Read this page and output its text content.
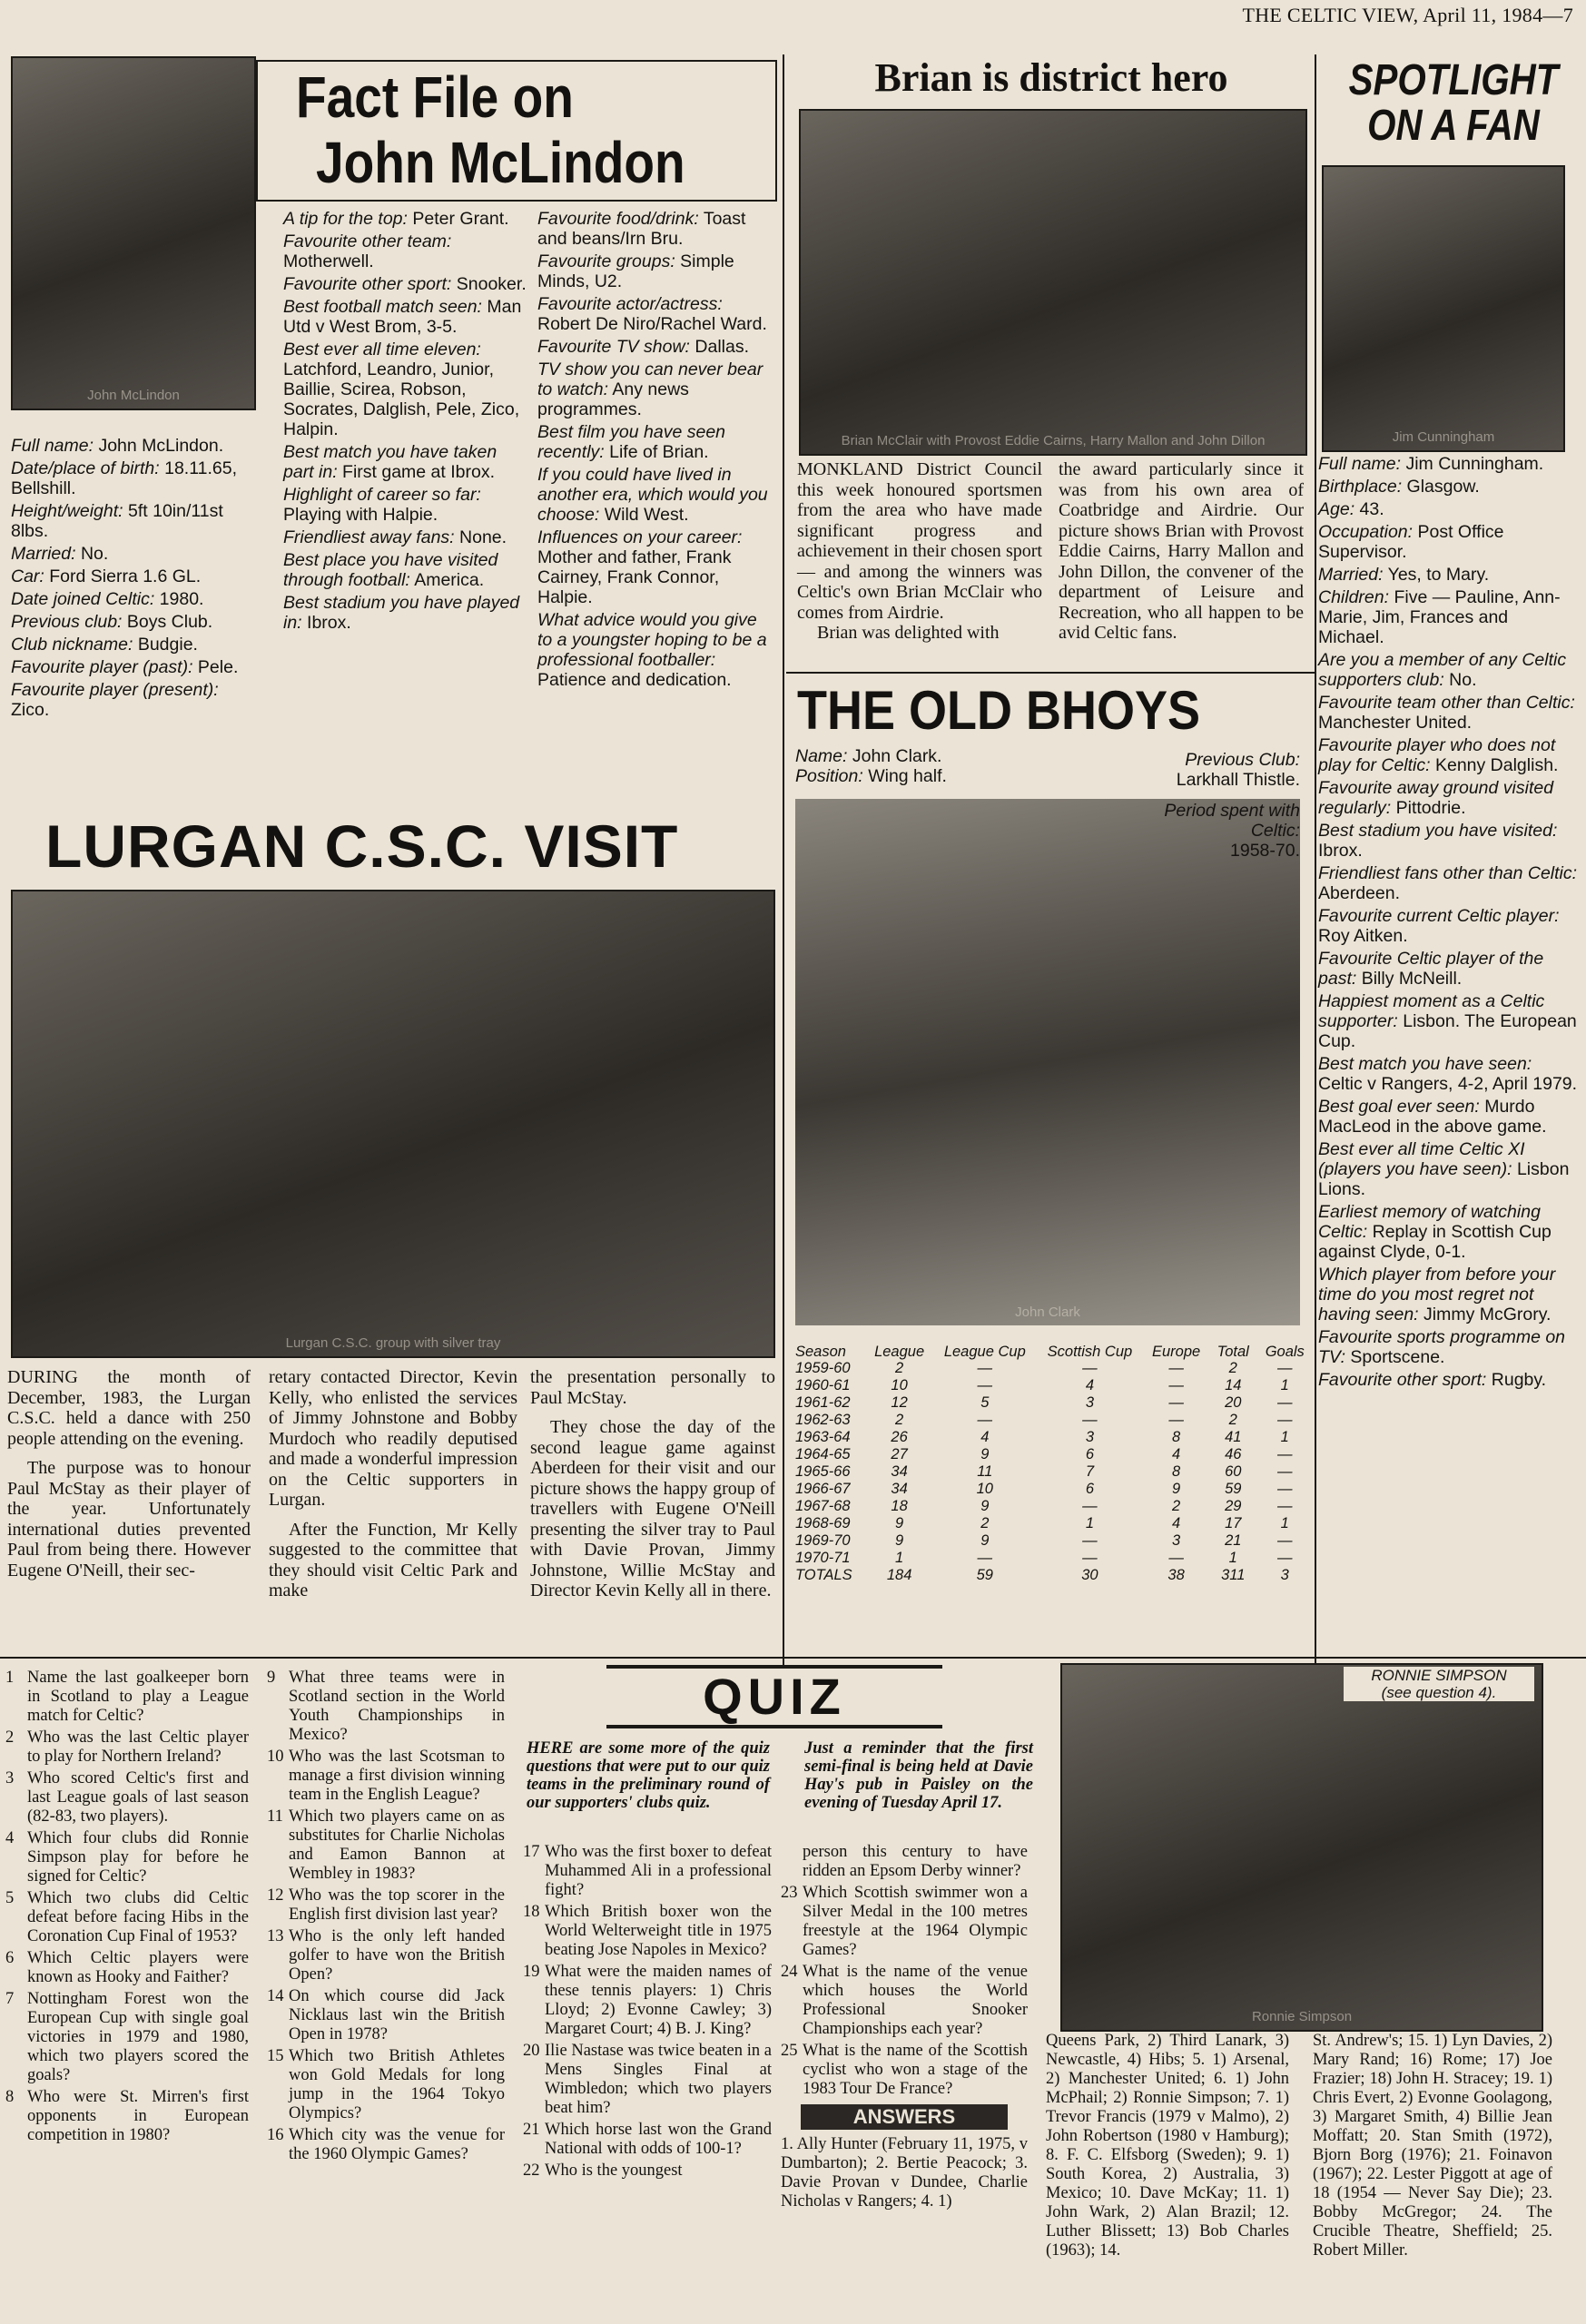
THE CELTIC VIEW, April 11, 1984—7
John McLindon
Fact File on
John McLindon
Full name: John McLindon.
Date/place of birth: 18.11.65, Bellshill.
Height/weight: 5ft 10in/11st 8lbs.
Married: No.
Car: Ford Sierra 1.6 GL.
Date joined Celtic: 1980.
Previous club: Boys Club.
Club nickname: Budgie.
Favourite player (past): Pele.
Favourite player (present): Zico.
A tip for the top: Peter Grant.
Favourite other team: Motherwell.
Favourite other sport: Snooker.
Best football match seen: Man Utd v West Brom, 3-5.
Best ever all time eleven: Latchford, Leandro, Junior, Baillie, Scirea, Robson, Socrates, Dalglish, Pele, Zico, Halpin.
Best match you have taken part in: First game at Ibrox.
Highlight of career so far: Playing with Halpie.
Friendliest away fans: None.
Best place you have visited through football: America.
Best stadium you have played in: Ibrox.
Favourite food/drink: Toast and beans/Irn Bru.
Favourite groups: Simple Minds, U2.
Favourite actor/actress: Robert De Niro/Rachel Ward.
Favourite TV show: Dallas.
TV show you can never bear to watch: Any news programmes.
Best film you have seen recently: Life of Brian.
If you could have lived in another era, which would you choose: Wild West.
Influences on your career: Mother and father, Frank Cairney, Frank Connor, Halpie.
What advice would you give to a youngster hoping to be a professional footballer: Patience and dedication.
Brian is district hero
Brian McClair with Provost Eddie Cairns, Harry Mallon and John Dillon

MONKLAND District Council this week honoured sportsmen from the area who have made significant progress and achievement in their chosen sport — and among the winners was Celtic's own Brian McClair who comes from Airdrie.

Brian was delighted with

the award particularly since it was from his own area of Coatbridge and Airdrie. Our picture shows Brian with Provost Eddie Cairns, Harry Mallon and John Dillon, the convener of the department of Leisure and Recreation, who all happen to be avid Celtic fans.

SPOTLIGHT
ON A FAN
Jim Cunningham
Full name: Jim Cunningham.
Birthplace: Glasgow.
Age: 43.
Occupation: Post Office Supervisor.
Married: Yes, to Mary.
Children: Five — Pauline, Ann-Marie, Jim, Frances and Michael.
Are you a member of any Celtic supporters club: No.
Favourite team other than Celtic: Manchester United.
Favourite player who does not play for Celtic: Kenny Dalglish.
Favourite away ground visited regularly: Pittodrie.
Best stadium you have visited: Ibrox.
Friendliest fans other than Celtic: Aberdeen.
Favourite current Celtic player: Roy Aitken.
Favourite Celtic player of the past: Billy McNeill.
Happiest moment as a Celtic supporter: Lisbon. The European Cup.
Best match you have seen: Celtic v Rangers, 4-2, April 1979.
Best goal ever seen: Murdo MacLeod in the above game.
Best ever all time Celtic XI (players you have seen): Lisbon Lions.
Earliest memory of watching Celtic: Replay in Scottish Cup against Clyde, 0-1.
Which player from before your time do you most regret not having seen: Jimmy McGrory.
Favourite sports programme on TV: Sportscene.
Favourite other sport: Rugby.
LURGAN C.S.C. VISIT
Lurgan C.S.C. group with silver tray

DURING the month of December, 1983, the Lurgan C.S.C. held a dance with 250 people attending on the evening.

The purpose was to honour Paul McStay as their player of the year. Unfortunately international duties prevented Paul from being there. However Eugene O'Neill, their sec-

retary contacted Director, Kevin Kelly, who enlisted the services of Jimmy Johnstone and Bobby Murdoch who readily deputised and made a wonderful impression on the Celtic supporters in Lurgan.

After the Function, Mr Kelly suggested to the committee that they should visit Celtic Park and make

the presentation personally to Paul McStay.

They chose the day of the second league game against Aberdeen for their visit and our picture shows the happy group of travellers with Eugene O'Neill presenting the silver tray to Paul with Davie Provan, Jimmy Johnstone, Willie McStay and Director Kevin Kelly all in there.

THE OLD BHOYS
Name: John Clark.
Position: Wing half.
John Clark
Previous Club:
Larkhall Thistle.
Period spent with Celtic:
1958-70.
Season	League	League Cup	Scottish Cup	Europe	Total	Goals
1959-60	2	—	—	—	2	—
1960-61	10	—	4	—	14	1
1961-62	12	5	3	—	20	—
1962-63	2	—	—	—	2	—
1963-64	26	4	3	8	41	1
1964-65	27	9	6	4	46	—
1965-66	34	11	7	8	60	—
1966-67	34	10	6	9	59	—
1967-68	18	9	—	2	29	—
1968-69	9	2	1	4	17	1
1969-70	9	9	—	3	21	—
1970-71	1	—	—	—	1	—
TOTALS	184	59	30	38	311	3
1 Name the last goalkeeper born in Scotland to play a League match for Celtic?
2 Who was the last Celtic player to play for Northern Ireland?
3 Who scored Celtic's first and last League goals of last season (82-83, two players).
4 Which four clubs did Ronnie Simpson play for before he signed for Celtic?
5 Which two clubs did Celtic defeat before facing Hibs in the Coronation Cup Final of 1953?
6 Which Celtic players were known as Hooky and Faither?
7 Nottingham Forest won the European Cup with single goal victories in 1979 and 1980, which two players scored the goals?
8 Who were St. Mirren's first opponents in European competition in 1980?
9 What three teams were in Scotland section in the World Youth Championships in Mexico?
10 Who was the last Scotsman to manage a first division winning team in the English League?
11 Which two players came on as substitutes for Charlie Nicholas and Eamon Bannon at Wembley in 1983?
12 Who was the top scorer in the English first division last year?
13 Who is the only left handed golfer to have won the British Open?
14 On which course did Jack Nicklaus last win the British Open in 1978?
15 Which two British Athletes won Gold Medals for long jump in the 1964 Tokyo Olympics?
16 Which city was the venue for the 1960 Olympic Games?
QUIZ
HERE are some more of the quiz questions that were put to our quiz teams in the preliminary round of our supporters' clubs quiz.
Just a reminder that the first semi-final is being held at Davie Hay's pub in Paisley on the evening of Tuesday April 17.
17 Who was the first boxer to defeat Muhammed Ali in a professional fight?
18 Which British boxer won the World Welterweight title in 1975 beating Jose Napoles in Mexico?
19 What were the maiden names of these tennis players: 1) Chris Lloyd; 2) Evonne Cawley; 3) Margaret Court; 4) B. J. King?
20 Ilie Nastase was twice beaten in a Mens Singles Final at Wimbledon; which two players beat him?
21 Which horse last won the Grand National with odds of 100-1?
22 Who is the youngest
person this century to have ridden an Epsom Derby winner?
23 Which Scottish swimmer won a Silver Medal in the 100 metres freestyle at the 1964 Olympic Games?
24 What is the name of the venue which houses the World Professional Snooker Championships each year?
25 What is the name of the Scottish cyclist who won a stage of the 1983 Tour De France?
ANSWERS
1. Ally Hunter (February 11, 1975, v Dumbarton); 2. Bertie Peacock; 3. Davie Provan v Dundee, Charlie Nicholas v Rangers; 4. 1)
Ronnie Simpson
RONNIE SIMPSON
(see question 4).
Queens Park, 2) Third Lanark, 3) Newcastle, 4) Hibs; 5. 1) Arsenal, 2) Manchester United; 6. 1) John McPhail; 2) Ronnie Simpson; 7. 1) Trevor Francis (1979 v Malmo), 2) John Robertson (1980 v Hamburg); 8. F. C. Elfsborg (Sweden); 9. 1) South Korea, 2) Australia, 3) Mexico; 10. Dave McKay; 11. 1) John Wark, 2) Alan Brazil; 12. Luther Blissett; 13) Bob Charles (1963); 14.
St. Andrew's; 15. 1) Lyn Davies, 2) Mary Rand; 16) Rome; 17) Joe Frazier; 18) John H. Stracey; 19. 1) Chris Evert, 2) Evonne Goolagong, 3) Margaret Smith, 4) Billie Jean Moffatt; 20. Stan Smith (1972), Bjorn Borg (1976); 21. Foinavon (1967); 22. Lester Piggott at age of 18 (1954 — Never Say Die); 23. Bobby McGregor; 24. The Crucible Theatre, Sheffield; 25. Robert Miller.
